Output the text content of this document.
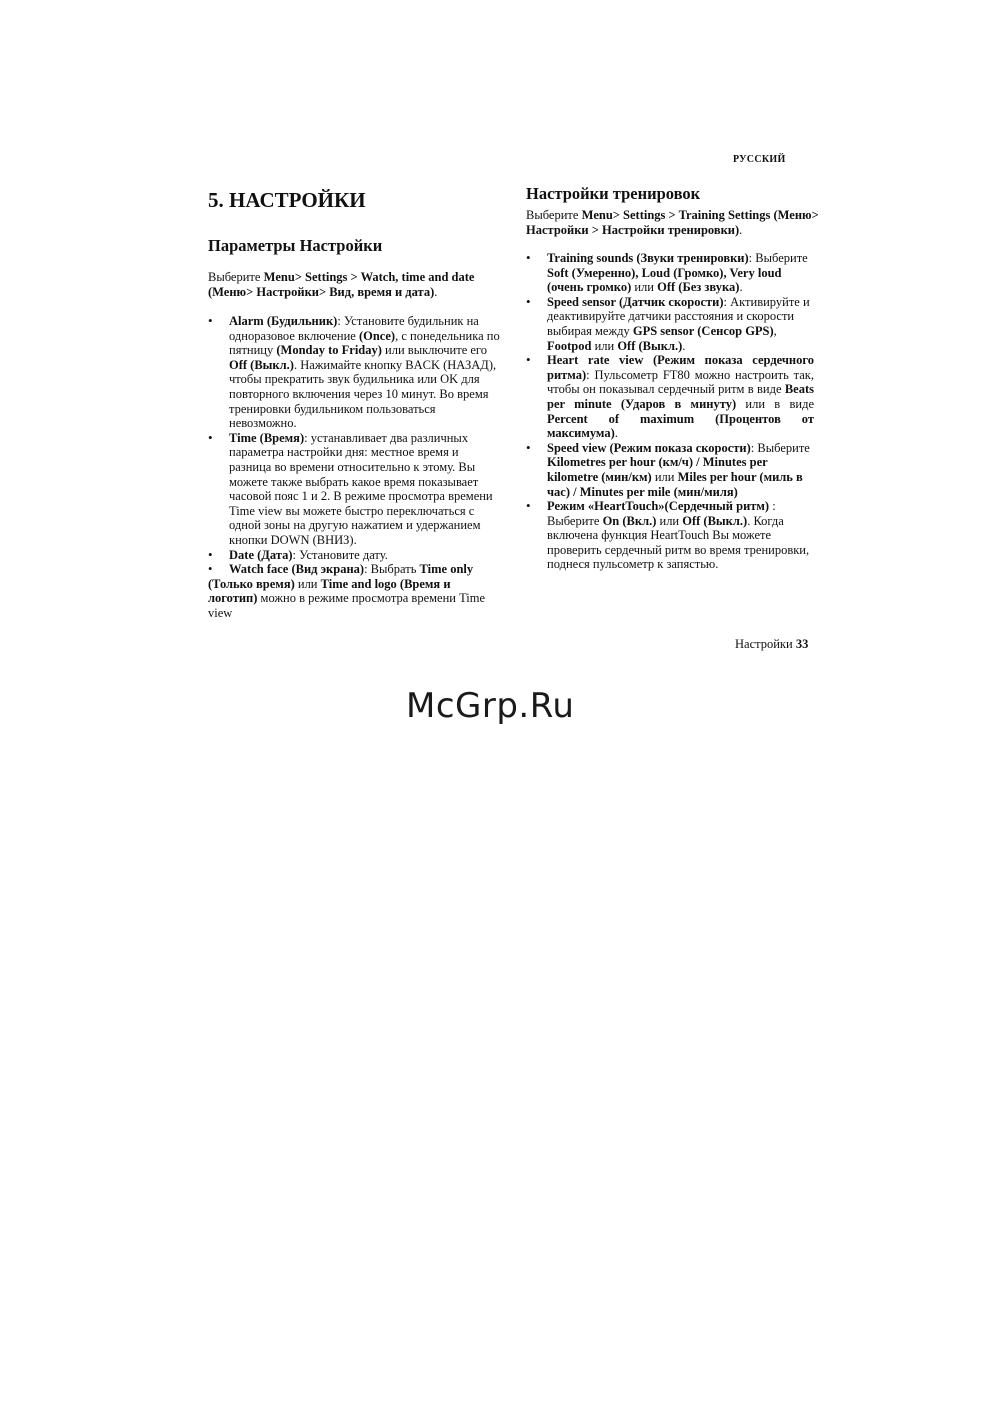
РУССКИЙ
5. НАСТРОЙКИ
Параметры Настройки
Выберите Menu> Settings > Watch, time and date (Меню> Настройки> Вид, время и дата).
• Alarm (Будильник): Установите будильник на одноразовое включение (Once), с понедельника по пятницу (Monday to Friday) или выключите его Off (Выкл.). Нажимайте кнопку BACK (НАЗАД), чтобы прекратить звук будильника или OK для повторного включения через 10 минут. Во время тренировки будильником пользоваться невозможно.
• Time (Время): устанавливает два различных параметра настройки дня: местное время и разница во времени относительно к этому. Вы можете также выбрать какое время показывает часовой пояс 1 и 2. В режиме просмотра времени Time view вы можете быстро переключаться с одной зоны на другую нажатием и удержанием кнопки DOWN (ВНИЗ).
• Date (Дата): Установите дату.
• Watch face (Вид экрана): Выбрать Time only (Только время) или Time and logo (Время и логотип) можно в режиме просмотра времени Time view
Настройки тренировок
Выберите Menu> Settings > Training Settings (Меню> Настройки > Настройки тренировки).
• Training sounds (Звуки тренировки): Выберите Soft (Умеренно), Loud (Громко), Very loud (очень громко) или Off (Без звука).
• Speed sensor (Датчик скорости): Активируйте и деактивируйте датчики расстояния и скорости выбирая между GPS sensor (Сенсор GPS), Footpod или Off (Выкл.).
• Heart rate view (Режим показа сердечного ритма): Пульсометр FT80 можно настроить так, чтобы он показывал сердечный ритм в виде Beats per minute (Ударов в минуту) или в виде Percent of maximum (Процентов от максимума).
• Speed view (Режим показа скорости): Выберите Kilometres per hour (км/ч) / Minutes per kilometre (мин/км) или Miles per hour (миль в час) / Minutes per mile (мин/миля)
• Режим «HeartTouch»(Сердечный ритм) : Выберите On (Вкл.) или Off (Выкл.). Когда включена функция HeartTouch Вы можете проверить сердечный ритм во время тренировки, поднеся пульсометр к запястью.
Настройки 33
McGrp.Ru
